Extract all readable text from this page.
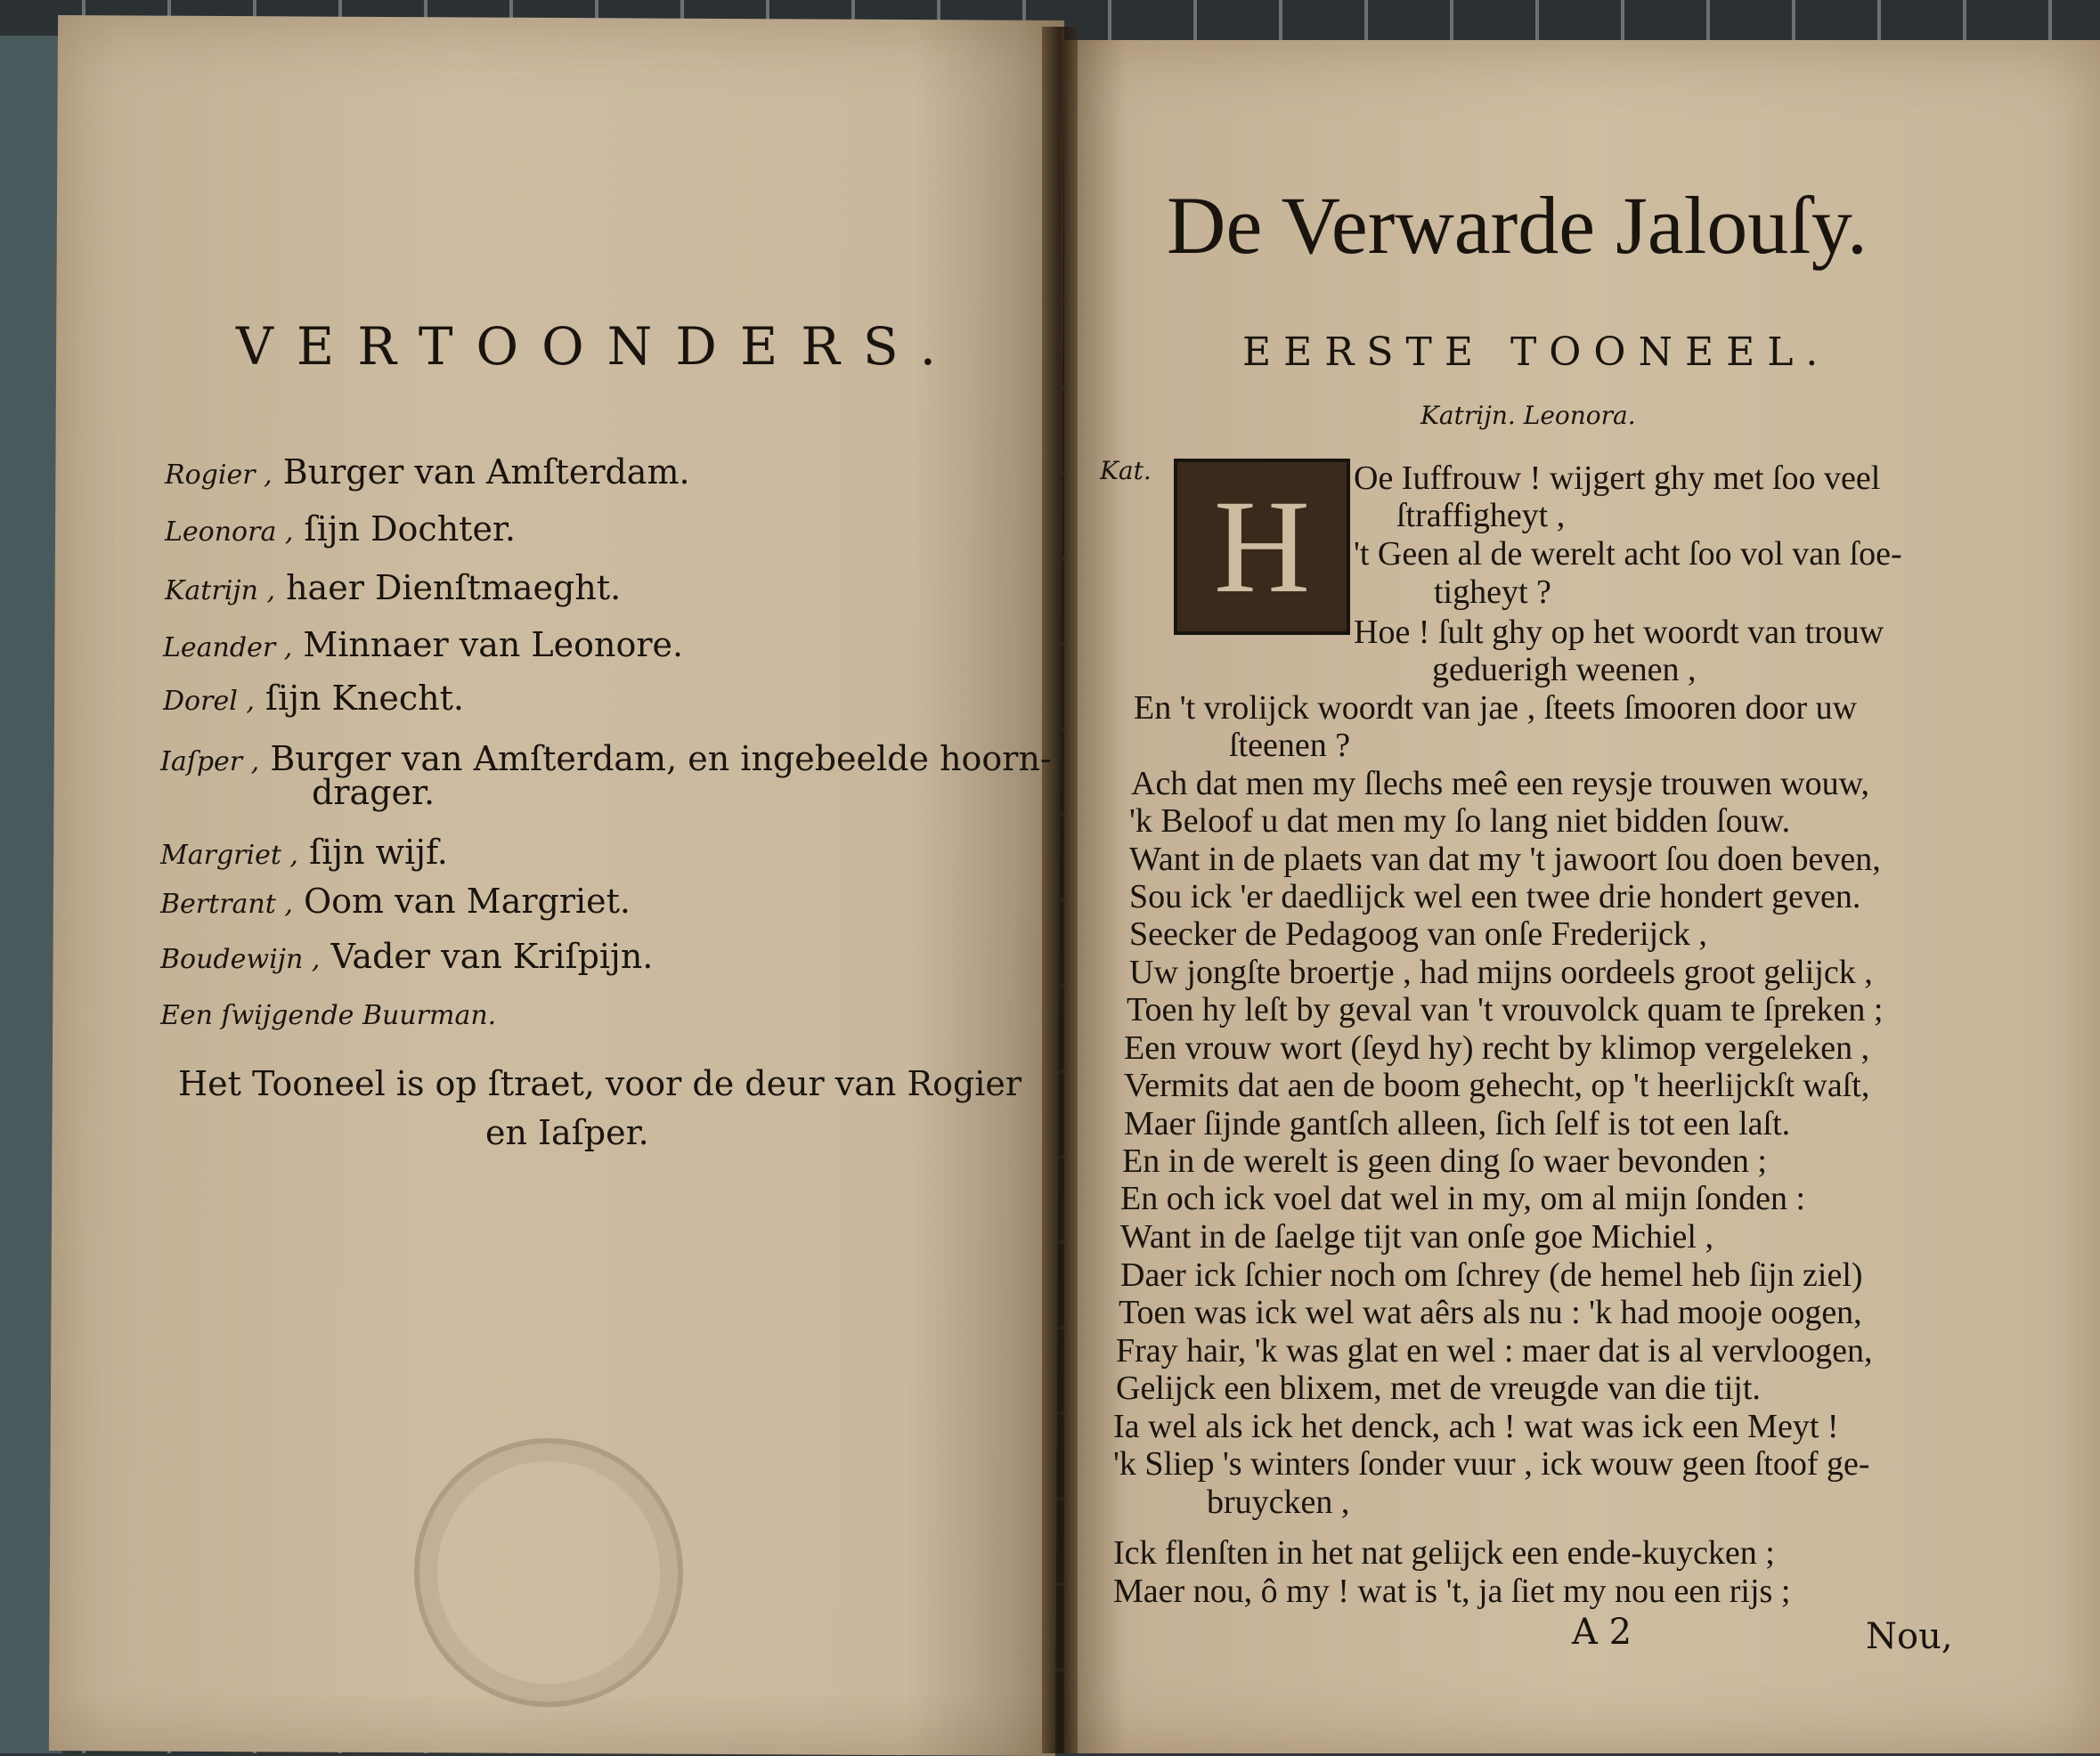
VERTOONDERS.
Rogier , Burger van Amſterdam.
Leonora , ſijn Dochter.
Katrijn , haer Dienſtmaeght.
Leander , Minnaer van Leonore.
Dorel , ſijn Knecht.
Iaſper , Burger van Amſterdam, en ingebeelde hoorn-
drager.
Margriet , ſijn wijf.
Bertrant , Oom van Margriet.
Boudewijn , Vader van Kriſpijn.
Een ſwijgende Buurman.
Het Tooneel is op ſtraet, voor de deur van Rogier
en Iaſper.
De Verwarde Jalouſy.
EERSTE TOONEEL.
Katrijn. Leonora.
Kat.
H	Oe Iuffrouw ! wijgert ghy met ſoo veel
ſtraffigheyt ,
't Geen al de werelt acht ſoo vol van ſoe-
tigheyt ?
Hoe ! ſult ghy op het woordt van trouw
geduerigh weenen ,
En 't vrolijck woordt van jae , ſteets ſmooren door uw
ſteenen ?
Ach dat men my ſlechs meê een reysje trouwen wouw,
'k Beloof u dat men my ſo lang niet bidden ſouw.
Want in de plaets van dat my 't jawoort ſou doen beven,
Sou ick 'er daedlijck wel een twee drie hondert geven.
Seecker de Pedagoog van onſe Frederijck ,
Uw jongſte broertje , had mijns oordeels groot gelijck ,
Toen hy leſt by geval van 't vrouvolck quam te ſpreken ;
Een vrouw wort (ſeyd hy) recht by klimop vergeleken ,
Vermits dat aen de boom gehecht, op 't heerlijckſt waſt,
Maer ſijnde gantſch alleen, ſich ſelf is tot een laſt.
En in de werelt is geen ding ſo waer bevonden ;
En och ick voel dat wel in my, om al mijn ſonden :
Want in de ſaelge tijt van onſe goe Michiel ,
Daer ick ſchier noch om ſchrey (de hemel heb ſijn ziel)
Toen was ick wel wat aêrs als nu : 'k had mooje oogen,
Fray hair, 'k was glat en wel : maer dat is al vervloogen,
Gelijck een blixem, met de vreugde van die tijt.
Ia wel als ick het denck, ach ! wat was ick een Meyt !
'k Sliep 's winters ſonder vuur , ick wouw geen ſtoof ge-
bruycken ,
Ick flenſten in het nat gelijck een ende-kuycken ;
Maer nou, ô my ! wat is 't, ja ſiet my nou een rijs ;
A 2	Nou,
